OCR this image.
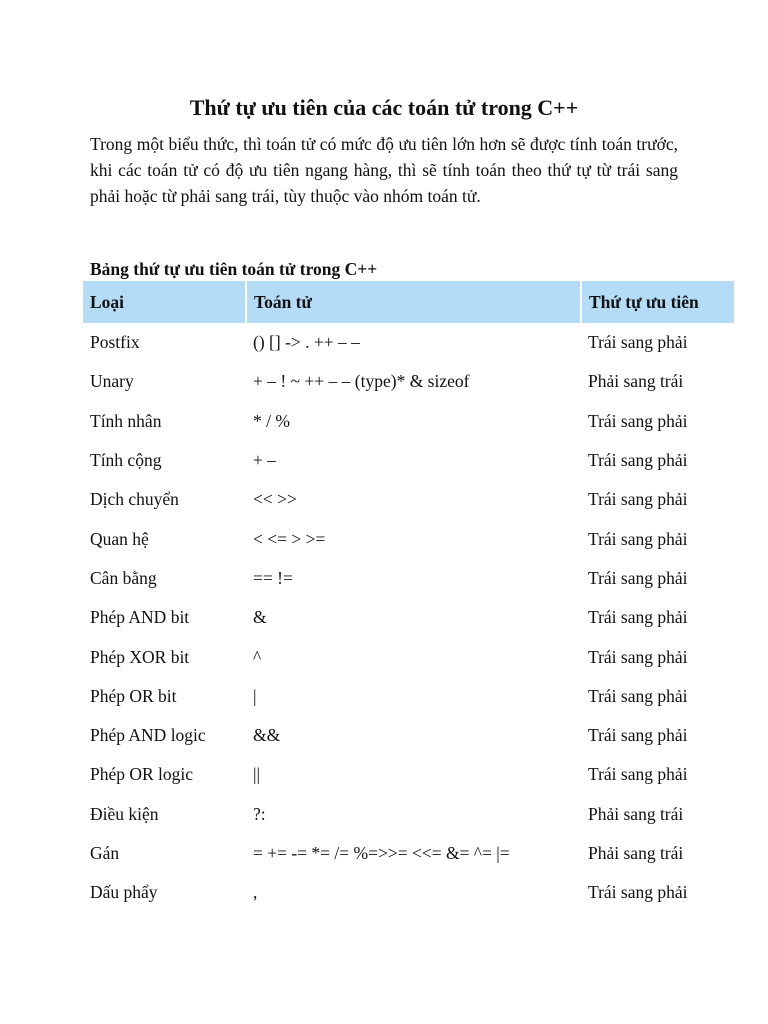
Thứ tự ưu tiên của các toán tử trong C++

Trong một biểu thức, thì toán tử có mức độ ưu tiên lớn hơn sẽ được tính toán trước, khi các toán tử có độ ưu tiên ngang hàng, thì sẽ tính toán theo thứ tự từ trái sang phải hoặc từ phải sang trái, tùy thuộc vào nhóm toán tử.

Bảng thứ tự ưu tiên toán tử trong C++

Loại	Toán tử	Thứ tự ưu tiên
Postfix	() [] -> . ++ – –	Trái sang phải
Unary	+ – ! ~ ++ – – (type)* & sizeof	Phải sang trái
Tính nhân	* / %	Trái sang phải
Tính cộng	+ –	Trái sang phải
Dịch chuyển	<< >>	Trái sang phải
Quan hệ	< <= > >=	Trái sang phải
Cân bằng	== !=	Trái sang phải
Phép AND bit	&	Trái sang phải
Phép XOR bit	^	Trái sang phải
Phép OR bit	|	Trái sang phải
Phép AND logic	&&	Trái sang phải
Phép OR logic	||	Trái sang phải
Điều kiện	?:	Phải sang trái
Gán	= += -= *= /= %=>>= <<= &= ^= |=	Phải sang trái
Dấu phẩy	,	Trái sang phải
